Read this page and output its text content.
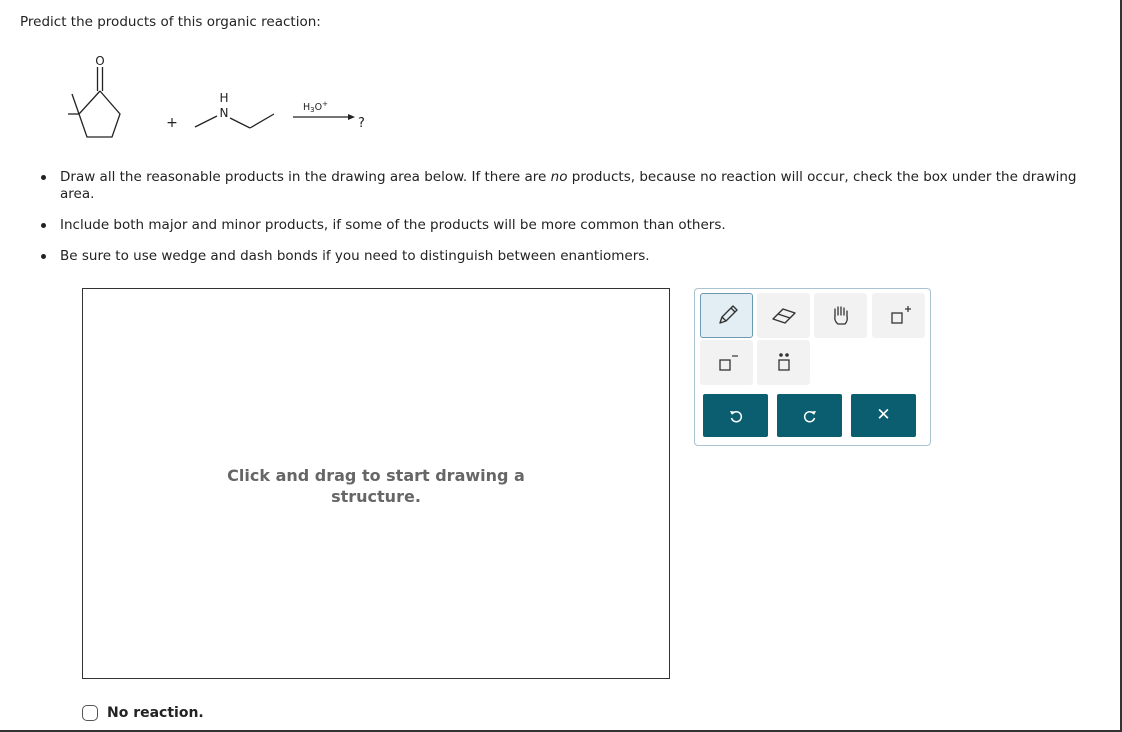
Predict the products of this organic reaction:
O
+
H
N	$H_3O^+$
?
Draw all the reasonable products in the drawing area below. If there are no products, because no reaction will occur, check the box under the drawing area.
Include both major and minor products, if some of the products will be more common than others.
Be sure to use wedge and dash bonds if you need to distinguish between enantiomers.
Click and drag to start drawing a
structure.
✕
No reaction.
